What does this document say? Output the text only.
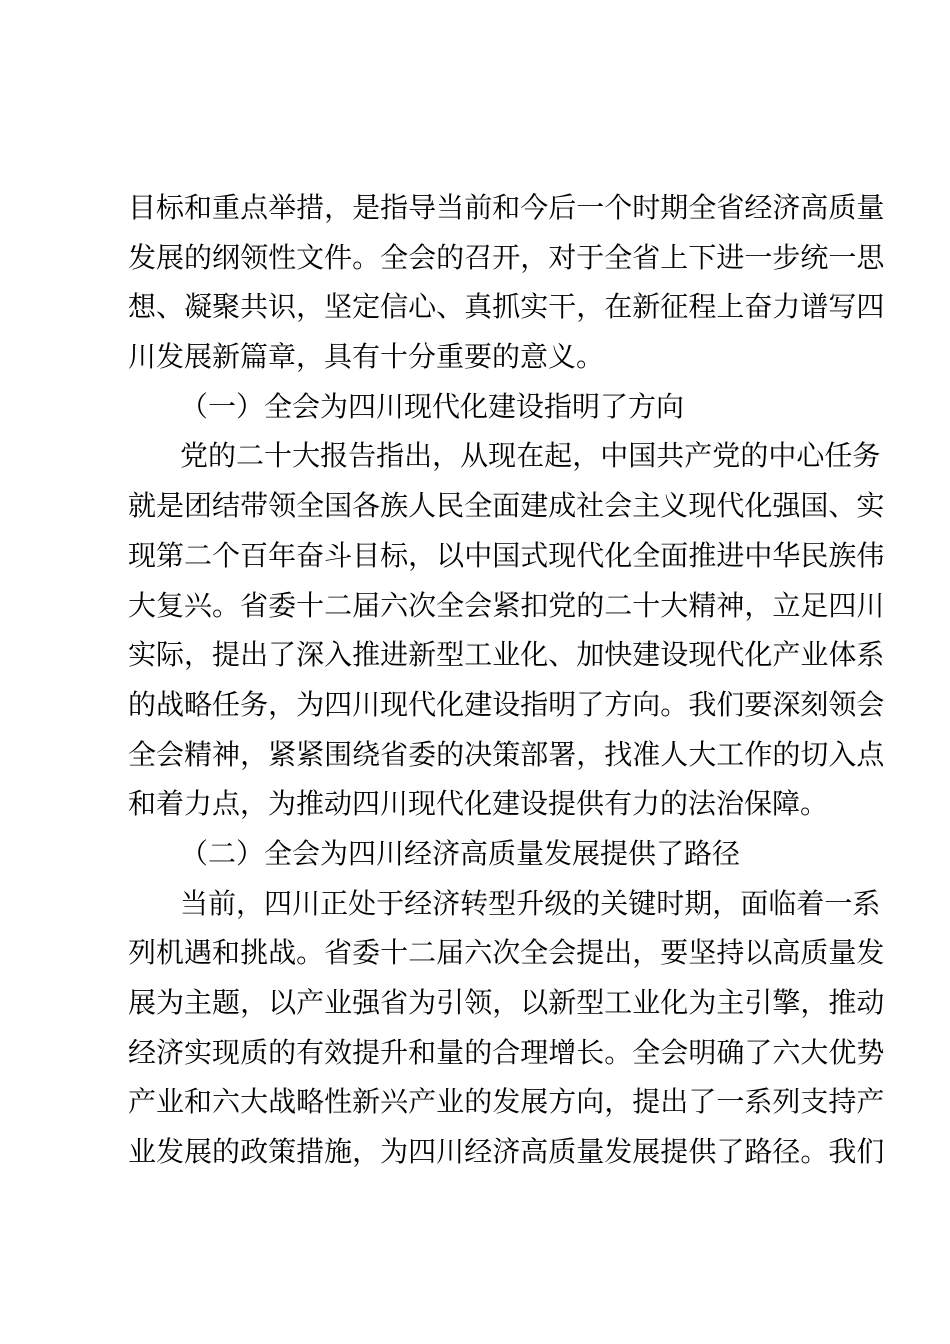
目 标 和 重 点 举 措 ， 是 指 导 当 前 和 今 后 一 个 时 期 全 省 经 济 高 质 量
发 展 的 纲 领 性 文 件 。 全 会 的 召 开 ， 对 于 全 省 上 下 进 一 步 统 一 思
想 、 凝 聚 共 识 ， 坚 定 信 心 、 真 抓 实 干 ， 在 新 征 程 上 奋 力 谱 写 四
川发展新篇章，具有十分重要的意义。
（一）全会为四川现代化建设指明了方向
党 的 二 十 大 报 告 指 出 ， 从 现 在 起 ， 中 国 共 产 党 的 中 心 任 务
就 是 团 结 带 领 全 国 各 族 人 民 全 面 建 成 社 会 主 义 现 代 化 强 国 、 实
现 第 二 个 百 年 奋 斗 目 标 ， 以 中 国 式 现 代 化 全 面 推 进 中 华 民 族 伟
大 复 兴 。 省 委 十 二 届 六 次 全 会 紧 扣 党 的 二 十 大 精 神 ， 立 足 四 川
实 际 ， 提 出 了 深 入 推 进 新 型 工 业 化 、 加 快 建 设 现 代 化 产 业 体 系
的 战 略 任 务 ， 为 四 川 现 代 化 建 设 指 明 了 方 向 。 我 们 要 深 刻 领 会
全 会 精 神 ， 紧 紧 围 绕 省 委 的 决 策 部 署 ， 找 准 人 大 工 作 的 切 入 点
和着力点，为推动四川现代化建设提供有力的法治保障。
（二）全会为四川经济高质量发展提供了路径
当 前 ， 四 川 正 处 于 经 济 转 型 升 级 的 关 键 时 期 ， 面 临 着 一 系
列 机 遇 和 挑 战 。 省 委 十 二 届 六 次 全 会 提 出 ， 要 坚 持 以 高 质 量 发
展 为 主 题 ， 以 产 业 强 省 为 引 领 ， 以 新 型 工 业 化 为 主 引 擎 ， 推 动
经 济 实 现 质 的 有 效 提 升 和 量 的 合 理 增 长 。 全 会 明 确 了 六 大 优 势
产 业 和 六 大 战 略 性 新 兴 产 业 的 发 展 方 向 ， 提 出 了 一 系 列 支 持 产
业 发 展 的 政 策 措 施 ， 为 四 川 经 济 高 质 量 发 展 提 供 了 路 径 。 我 们
